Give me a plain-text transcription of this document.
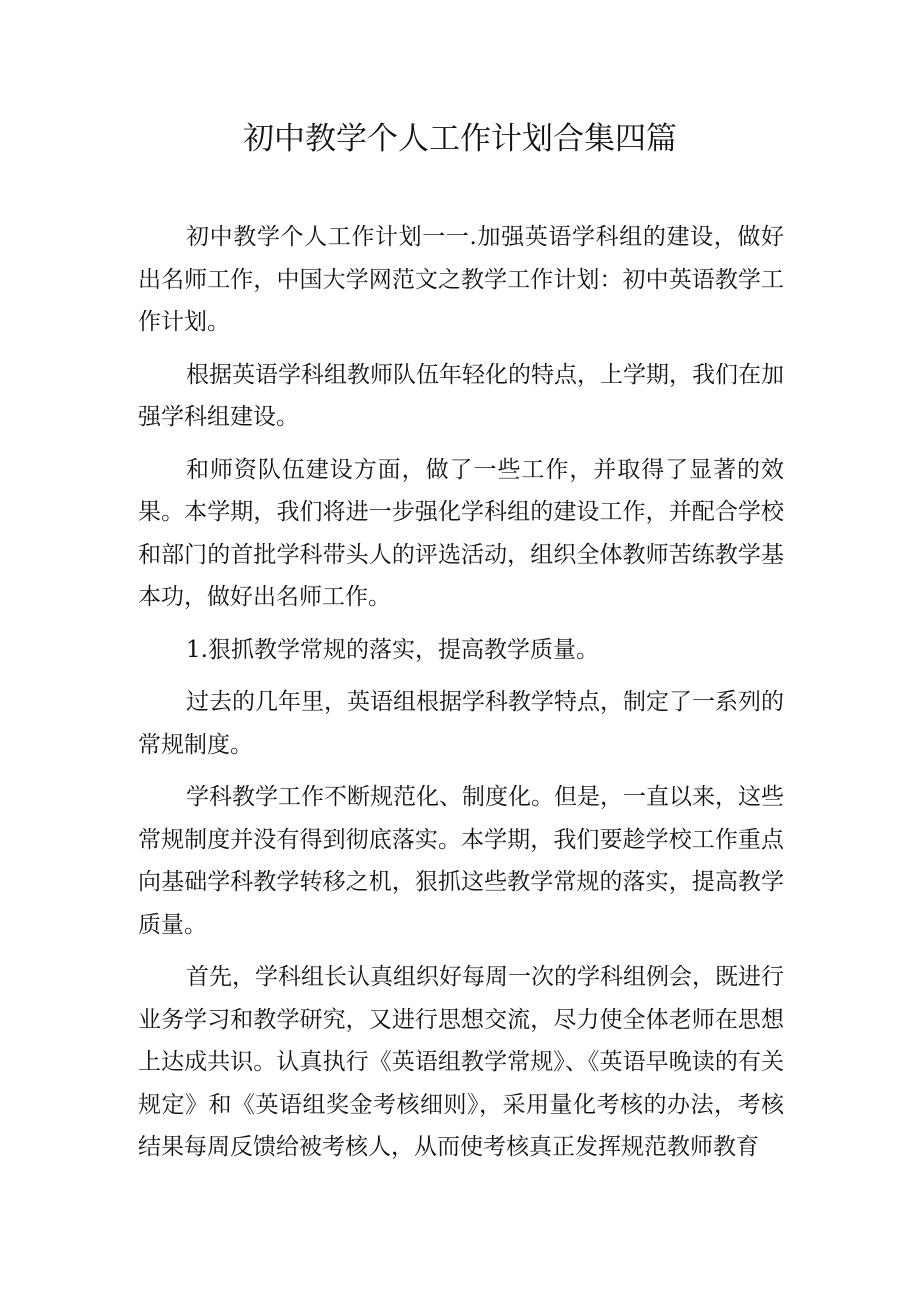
初中教学个人工作计划合集四篇

初中教学个人工作计划一一.加强英语学科组的建设，做好出名师工作，中国大学网范文之教学工作计划：初中英语教学工作计划。

根据英语学科组教师队伍年轻化的特点，上学期，我们在加强学科组建设。

和师资队伍建设方面，做了一些工作，并取得了显著的效果。本学期，我们将进一步强化学科组的建设工作，并配合学校和部门的首批学科带头人的评选活动，组织全体教师苦练教学基本功，做好出名师工作。

1.狠抓教学常规的落实，提高教学质量。

过去的几年里，英语组根据学科教学特点，制定了一系列的常规制度。

学科教学工作不断规范化、制度化。但是，一直以来，这些常规制度并没有得到彻底落实。本学期，我们要趁学校工作重点向基础学科教学转移之机，狠抓这些教学常规的落实，提高教学质量。

首先，学科组长认真组织好每周一次的学科组例会，既进行业务学习和教学研究，又进行思想交流，尽力使全体老师在思想上达成共识。认真执行《英语组教学常规》、《英语早晚读的有关规定》和《英语组奖金考核细则》，采用量化考核的办法，考核结果每周反馈给被考核人，从而使考核真正发挥规范教师教育
